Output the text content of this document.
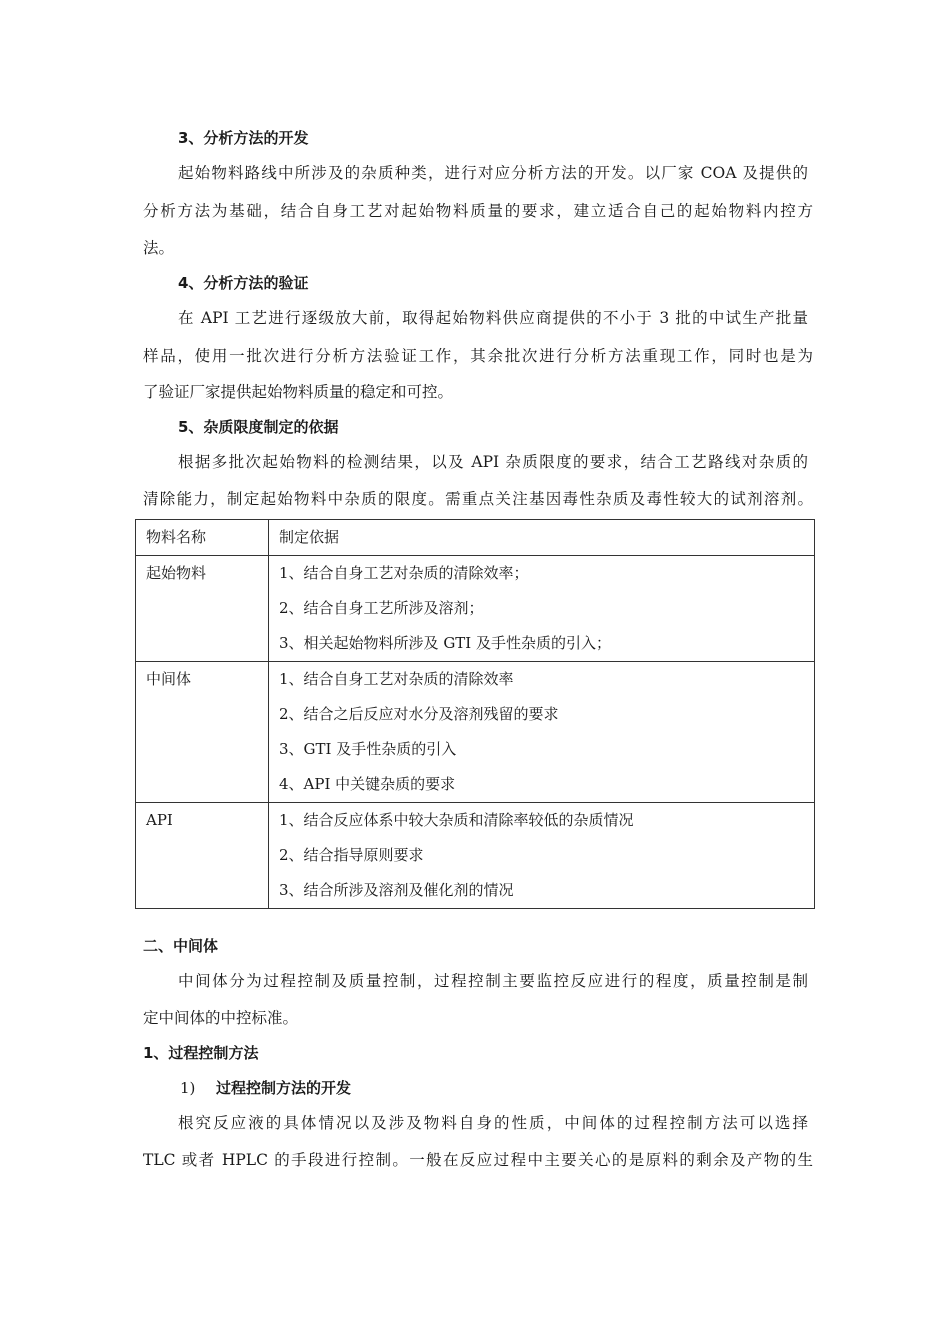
3、分析方法的开发
起始物料路线中所涉及的杂质种类，进行对应分析方法的开发。以厂家 COA 及提供的
分析方法为基础，结合自身工艺对起始物料质量的要求，建立适合自己的起始物料内控方
法。
4、分析方法的验证
在 API 工艺进行逐级放大前，取得起始物料供应商提供的不小于 3 批的中试生产批量
样品，使用一批次进行分析方法验证工作，其余批次进行分析方法重现工作，同时也是为
了验证厂家提供起始物料质量的稳定和可控。
5、杂质限度制定的依据
根据多批次起始物料的检测结果，以及 API 杂质限度的要求，结合工艺路线对杂质的
清除能力，制定起始物料中杂质的限度。需重点关注基因毒性杂质及毒性较大的试剂溶剂。
物料名称	制定依据

起始物料	1、结合自身工艺对杂质的清除效率；
2、结合自身工艺所涉及溶剂；
3、相关起始物料所涉及 GTI 及手性杂质的引入；

中间体	1、结合自身工艺对杂质的清除效率
2、结合之后反应对水分及溶剂残留的要求
3、GTI 及手性杂质的引入
4、API 中关键杂质的要求

API	1、结合反应体系中较大杂质和清除率较低的杂质情况
2、结合指导原则要求
3、结合所涉及溶剂及催化剂的情况
二、中间体
中间体分为过程控制及质量控制，过程控制主要监控反应进行的程度，质量控制是制
定中间体的中控标准。
1、过程控制方法
1) 过程控制方法的开发
根究反应液的具体情况以及涉及物料自身的性质，中间体的过程控制方法可以选择
TLC 或者 HPLC 的手段进行控制。一般在反应过程中主要关心的是原料的剩余及产物的生
